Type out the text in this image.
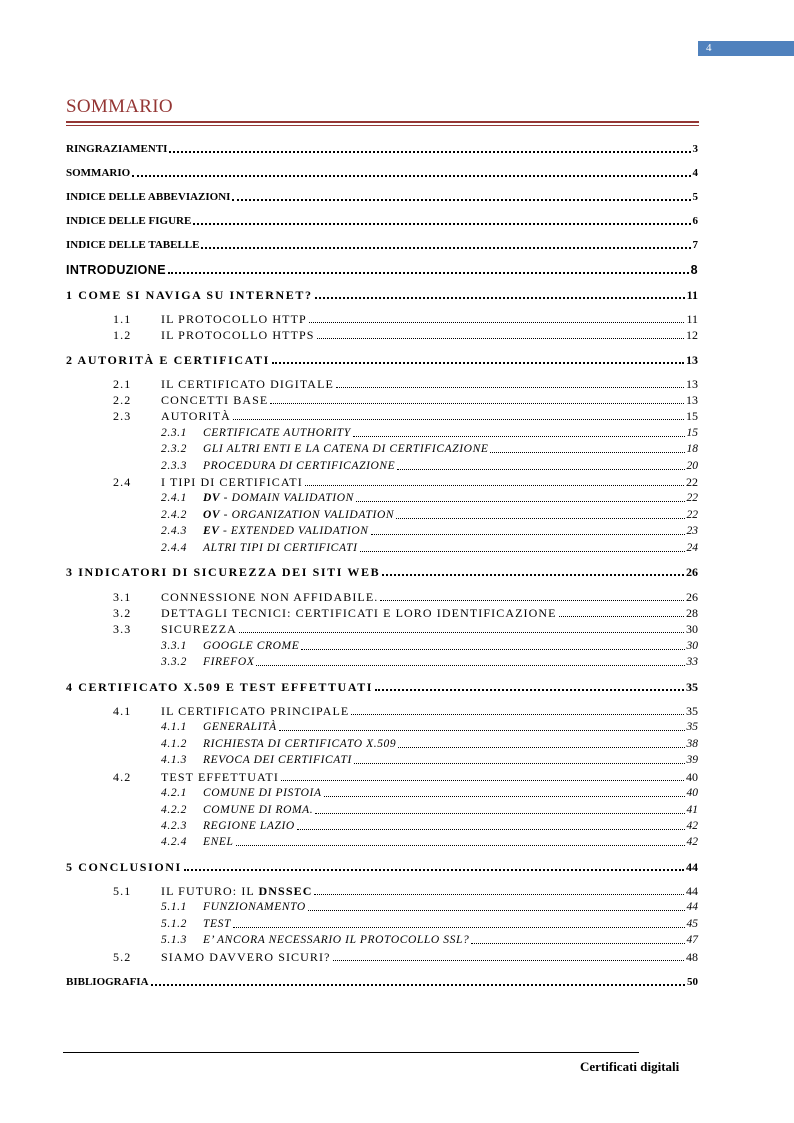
4
SOMMARIO
RINGRAZIAMENTI	3
SOMMARIO	4
INDICE DELLE ABBEVIAZIONI	5
INDICE DELLE FIGURE	6
INDICE DELLE TABELLE	7
INTRODUZIONE	8
1 COME SI NAVIGA SU INTERNET?	11
1.1 IL PROTOCOLLO HTTP	11
1.2 IL PROTOCOLLO HTTPS	12
2 AUTORITÀ E CERTIFICATI	13
2.1 IL CERTIFICATO DIGITALE	13
2.2 CONCETTI BASE	13
2.3 AUTORITÀ	15
2.3.1 CERTIFICATE AUTHORITY	15
2.3.2 GLI ALTRI ENTI E LA CATENA DI CERTIFICAZIONE	18
2.3.3 PROCEDURA DI CERTIFICAZIONE	20
2.4 I TIPI DI CERTIFICATI	22
2.4.1 DV - DOMAIN VALIDATION	22
2.4.2 OV - ORGANIZATION VALIDATION	22
2.4.3 EV - EXTENDED VALIDATION	23
2.4.4 ALTRI TIPI DI CERTIFICATI	24
3 INDICATORI DI SICUREZZA DEI SITI WEB	26
3.1 CONNESSIONE NON AFFIDABILE.	26
3.2 DETTAGLI TECNICI: CERTIFICATI E LORO IDENTIFICAZIONE	28
3.3 SICUREZZA	30
3.3.1 GOOGLE CROME	30
3.3.2 FIREFOX	33
4 CERTIFICATO X.509 E TEST EFFETTUATI	35
4.1 IL CERTIFICATO PRINCIPALE	35
4.1.1 GENERALITÀ	35
4.1.2 RICHIESTA DI CERTIFICATO X.509	38
4.1.3 REVOCA DEI CERTIFICATI	39
4.2 TEST EFFETTUATI	40
4.2.1 COMUNE DI PISTOIA	40
4.2.2 COMUNE DI ROMA.	41
4.2.3 REGIONE LAZIO	42
4.2.4 ENEL	42
5 CONCLUSIONI	44
5.1 IL FUTURO: IL DNSSEC	44
5.1.1 FUNZIONAMENTO	44
5.1.2 TEST	45
5.1.3 E’ ANCORA NECESSARIO IL PROTOCOLLO SSL?	47
5.2 SIAMO DAVVERO SICURI?	48
BIBLIOGRAFIA	50
Certificati digitali
